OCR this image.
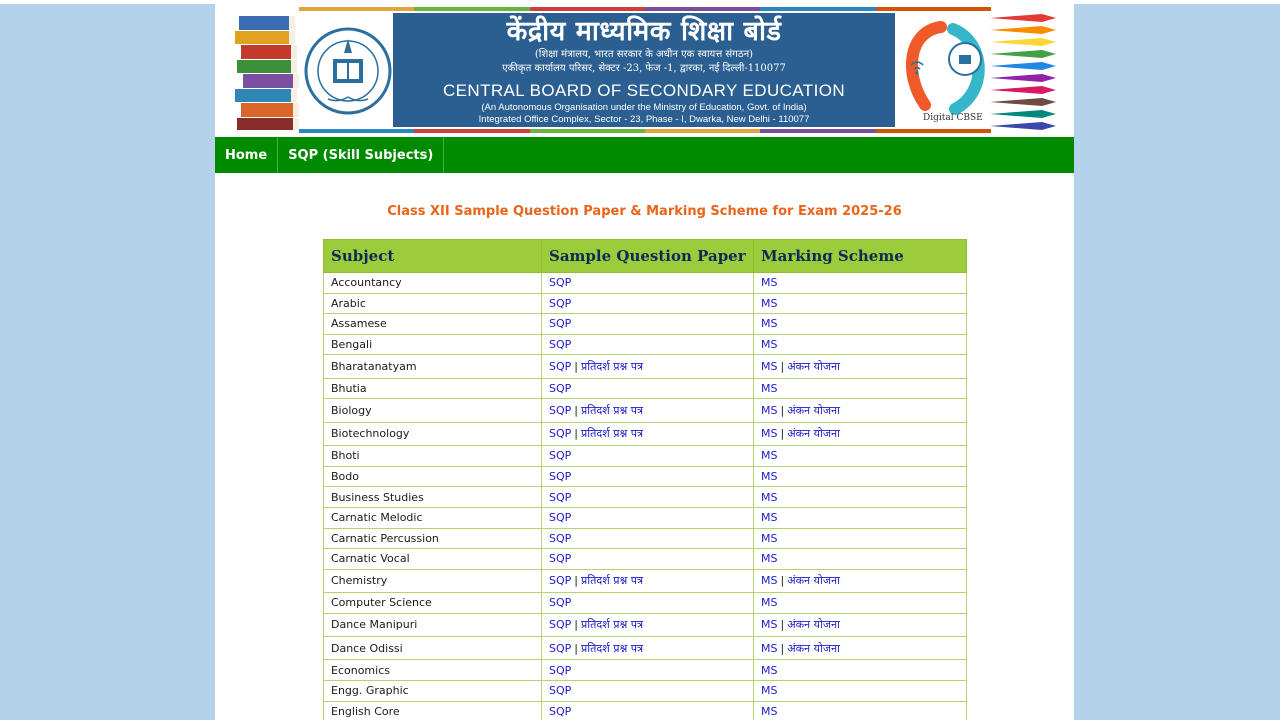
केंद्रीय माध्यमिक शिक्षा बोर्ड
(शिक्षा मंत्रालय, भारत सरकार के अधीन एक स्वायत्त संगठन)
एकीकृत कार्यालय परिसर, सेक्टर -23, फेज -1, द्वारका, नई दिल्ली-110077
CENTRAL BOARD OF SECONDARY EDUCATION
(An Autonomous Organisation under the Ministry of Education, Govt. of India)
Integrated Office Complex, Sector - 23, Phase - I, Dwarka, New Delhi - 110077	Digital CBSE
Home	SQP (Skill Subjects)
Class XII Sample Question Paper & Marking Scheme for Exam 2025-26
Subject	Sample Question Paper	Marking Scheme
Accountancy	SQP	MS
Arabic	SQP	MS
Assamese	SQP	MS
Bengali	SQP	MS
Bharatanatyam	SQP | प्रतिदर्श प्रश्न पत्र	MS | अंकन योजना
Bhutia	SQP	MS
Biology	SQP | प्रतिदर्श प्रश्न पत्र	MS | अंकन योजना
Biotechnology	SQP | प्रतिदर्श प्रश्न पत्र	MS | अंकन योजना
Bhoti	SQP	MS
Bodo	SQP	MS
Business Studies	SQP	MS
Carnatic Melodic	SQP	MS
Carnatic Percussion	SQP	MS
Carnatic Vocal	SQP	MS
Chemistry	SQP | प्रतिदर्श प्रश्न पत्र	MS | अंकन योजना
Computer Science	SQP	MS
Dance Manipuri	SQP | प्रतिदर्श प्रश्न पत्र	MS | अंकन योजना
Dance Odissi	SQP | प्रतिदर्श प्रश्न पत्र	MS | अंकन योजना
Economics	SQP	MS
Engg. Graphic	SQP	MS
English Core	SQP	MS
